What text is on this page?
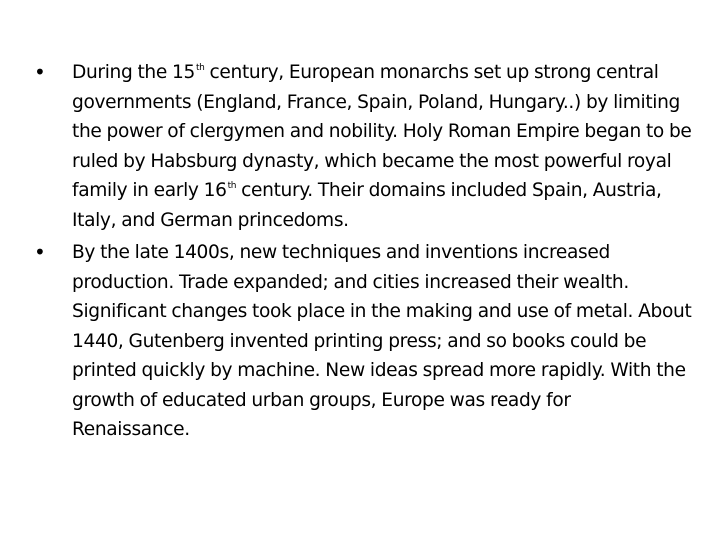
•	During the 15th century, European monarchs set up strong central governments (England, France, Spain, Poland, Hungary..) by limiting the power of clergymen and nobility. Holy Roman Empire began to be ruled by Habsburg dynasty, which became the most powerful royal family in early 16th century. Their domains included Spain, Austria, Italy, and German princedoms.
•	By the late 1400s, new techniques and inventions increased production. Trade expanded; and cities increased their wealth. Significant changes took place in the making and use of metal. About 1440, Gutenberg invented printing press; and so books could be printed quickly by machine. New ideas spread more rapidly. With the growth of educated urban groups, Europe was ready for Renaissance.
